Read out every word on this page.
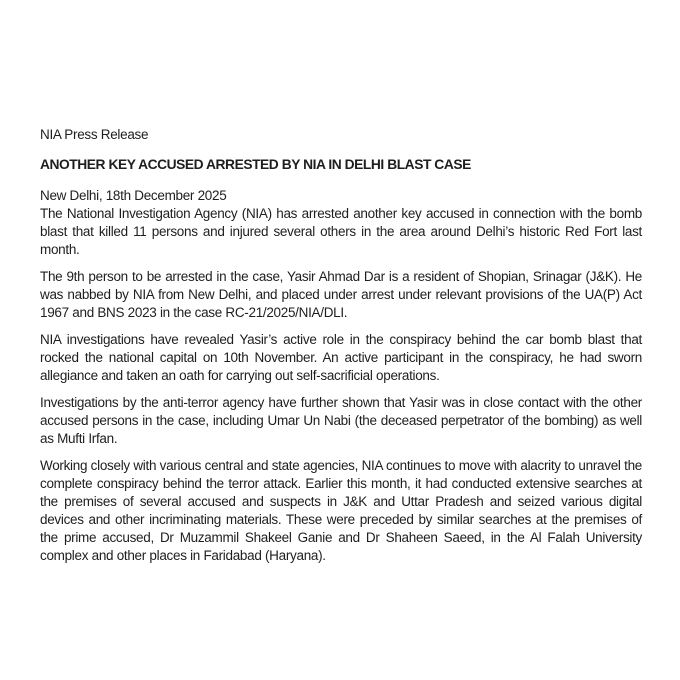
NIA Press Release

ANOTHER KEY ACCUSED ARRESTED BY NIA IN DELHI BLAST CASE

New Delhi, 18th December 2025

The National Investigation Agency (NIA) has arrested another key accused in connection with the bomb blast that killed 11 persons and injured several others in the area around Delhi’s historic Red Fort last month.

The 9th person to be arrested in the case, Yasir Ahmad Dar is a resident of Shopian, Srinagar (J&K). He was nabbed by NIA from New Delhi, and placed under arrest under relevant provisions of the UA(P) Act 1967 and BNS 2023 in the case RC-21/2025/NIA/DLI.

NIA investigations have revealed Yasir’s active role in the conspiracy behind the car bomb blast that rocked the national capital on 10th November. An active participant in the conspiracy, he had sworn allegiance and taken an oath for carrying out self-sacrificial operations.

Investigations by the anti-terror agency have further shown that Yasir was in close contact with the other accused persons in the case, including Umar Un Nabi (the deceased perpetrator of the bombing) as well as Mufti Irfan.

Working closely with various central and state agencies, NIA continues to move with alacrity to unravel the complete conspiracy behind the terror attack. Earlier this month, it had conducted extensive searches at the premises of several accused and suspects in J&K and Uttar Pradesh and seized various digital devices and other incriminating materials. These were preceded by similar searches at the premises of the prime accused, Dr Muzammil Shakeel Ganie and Dr Shaheen Saeed, in the Al Falah University complex and other places in Faridabad (Haryana).
